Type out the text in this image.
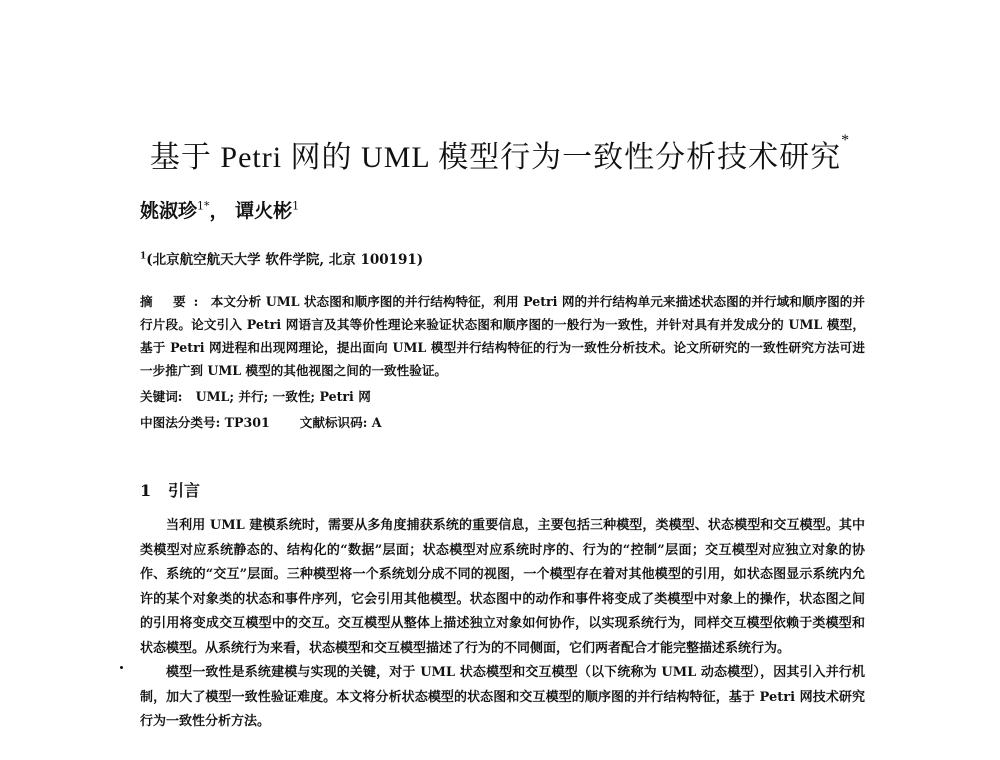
基于 Petri 网的 UML 模型行为一致性分析技术研究*
姚淑珍$^{1*}$， 谭火彬$^1$
$^1$(北京航空航天大学 软件学院, 北京 100191)
摘 要: 本文分析 UML 状态图和顺序图的并行结构特征，利用 Petri 网的并行结构单元来描述状态图的并行域和顺序图的并行片段。论文引入 Petri 网语言及其等价性理论来验证状态图和顺序图的一般行为一致性，并针对具有并发成分的 UML 模型，基于 Petri 网进程和出现网理论，提出面向 UML 模型并行结构特征的行为一致性分析技术。论文所研究的一致性研究方法可进一步推广到 UML 模型的其他视图之间的一致性验证。
关键词: UML; 并行; 一致性; Petri 网
中图法分类号: TP301 文献标识码: A
1 引言

当利用 UML 建模系统时，需要从多角度捕获系统的重要信息，主要包括三种模型，类模型、状态模型和交互模型。其中类模型对应系统静态的、结构化的“数据”层面；状态模型对应系统时序的、行为的“控制”层面；交互模型对应独立对象的协作、系统的“交互”层面。三种模型将一个系统划分成不同的视图，一个模型存在着对其他模型的引用，如状态图显示系统内允许的某个对象类的状态和事件序列，它会引用其他模型。状态图中的动作和事件将变成了类模型中对象上的操作，状态图之间的引用将变成交互模型中的交互。交互模型从整体上描述独立对象如何协作，以实现系统行为，同样交互模型依赖于类模型和状态模型。从系统行为来看，状态模型和交互模型描述了行为的不同侧面，它们两者配合才能完整描述系统行为。

模型一致性是系统建模与实现的关键，对于 UML 状态模型和交互模型（以下统称为 UML 动态模型），因其引入并行机制，加大了模型一致性验证难度。本文将分析状态模型的状态图和交互模型的顺序图的并行结构特征，基于 Petri 网技术研究行为一致性分析方法。
